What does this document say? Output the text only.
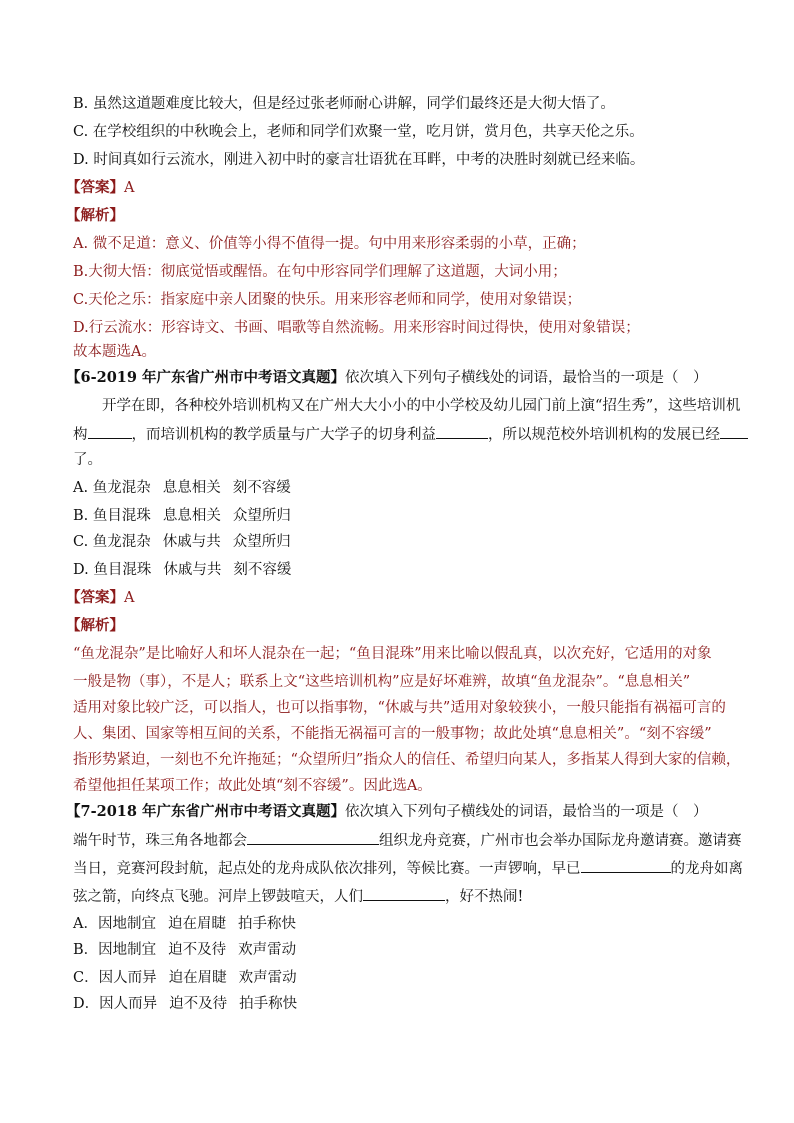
B. 虽然这道题难度比较大，但是经过张老师耐心讲解，同学们最终还是大彻大悟了。
C. 在学校组织的中秋晚会上，老师和同学们欢聚一堂，吃月饼，赏月色，共享天伦之乐。
D. 时间真如行云流水，刚进入初中时的豪言壮语犹在耳畔，中考的决胜时刻就已经来临。
【答案】A
【解析】
A. 微不足道：意义、价值等小得不值得一提。句中用来形容柔弱的小草，正确；
B.大彻大悟：彻底觉悟或醒悟。在句中形容同学们理解了这道题，大词小用；
C.天伦之乐：指家庭中亲人团聚的快乐。用来形容老师和同学，使用对象错误；
D.行云流水：形容诗文、书画、唱歌等自然流畅。用来形容时间过得快，使用对象错误；
故本题选A。
【6-2019 年广东省广州市中考语文真题】依次填入下列句子横线处的词语，最恰当的一项是（　）
开学在即，各种校外培训机构又在广州大大小小的中小学校及幼儿园门前上演“招生秀”，这些培训机
构	，而培训机构的教学质量与广大学子的切身利益	，所以规范校外培训机构的发展已经
了。
A. 鱼龙混杂 息息相关 刻不容缓
B. 鱼目混珠 息息相关 众望所归
C. 鱼龙混杂 休戚与共 众望所归
D. 鱼目混珠 休戚与共 刻不容缓
【答案】A
【解析】
“鱼龙混杂”是比喻好人和坏人混杂在一起；“鱼目混珠”用来比喻以假乱真，以次充好，它适用的对象
一般是物（事），不是人；联系上文“这些培训机构”应是好坏难辨，故填“鱼龙混杂”。“息息相关”
适用对象比较广泛，可以指人，也可以指事物，“休戚与共”适用对象较狭小，一般只能指有祸福可言的
人、集团、国家等相互间的关系，不能指无祸福可言的一般事物；故此处填“息息相关”。“刻不容缓”
指形势紧迫，一刻也不允许拖延；“众望所归”指众人的信任、希望归向某人，多指某人得到大家的信赖，
希望他担任某项工作；故此处填“刻不容缓”。因此选A。
【7-2018 年广东省广州市中考语文真题】依次填入下列句子横线处的词语，最恰当的一项是（　）
端午时节，珠三角各地都会	组织龙舟竞赛，广州市也会举办国际龙舟邀请赛。邀请赛
当日，竞赛河段封航，起点处的龙舟成队依次排列，等候比赛。一声锣响，早已	的龙舟如离
弦之箭，向终点飞驰。河岸上锣鼓喧天，人们	，好不热闹!
A．因地制宜 迫在眉睫 拍手称快
B．因地制宜 迫不及待 欢声雷动
C．因人而异 迫在眉睫 欢声雷动
D．因人而异 迫不及待 拍手称快
